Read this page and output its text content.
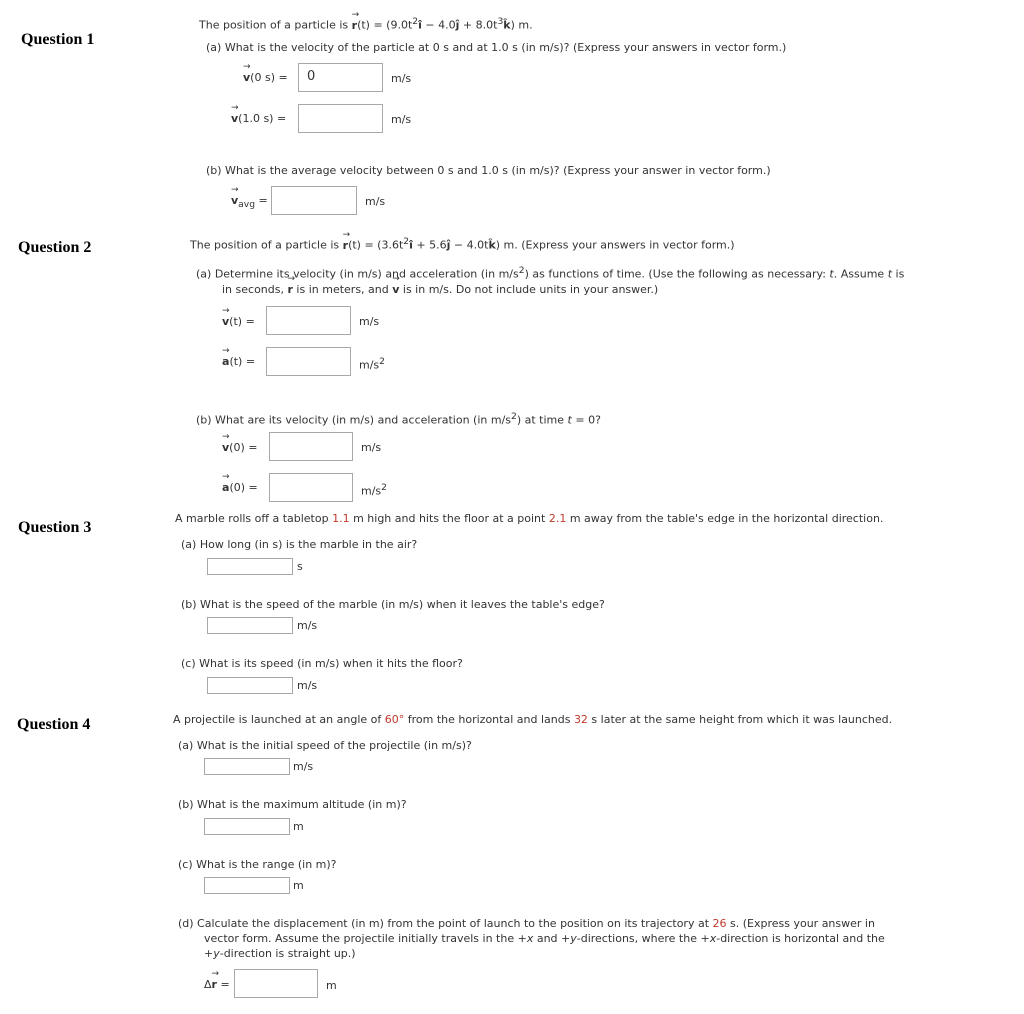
Question 1
The position of a particle is → $r(t) = (9.0t^2î$ − 4.0ĵ + $8.0t^3k̂$) m.
(a) What is the velocity of the particle at 0 s and at 1.0 s (in m/s)? (Express your answers in vector form.)
→ v(0 s) = 0	m/s
→ v(1.0 s) =	m/s
(b) What is the average velocity between 0 s and 1.0 s (in m/s)? (Express your answer in vector form.)
→ $v_{avg}$ =	m/s
Question 2	The position of a particle is → $r(t) = (3.6t^2î$ + 5.6ĵ − 4.0tk̂) m. (Express your answers in vector form.)
(a) Determine its velocity (in m/s) and acceleration (in $m/s^2$) as functions of time. (Use the following as necessary: t. Assume t is
in seconds, → r is in meters, and → v is in m/s. Do not include units in your answer.)
→ v(t) =	m/s
→ a(t) =	$m/s^2$
(b) What are its velocity (in m/s) and acceleration (in $m/s^2$) at time t = 0?
→ v(0) =	m/s
→ a(0) =	$m/s^2$
Question 3
A marble rolls off a tabletop 1.1 m high and hits the floor at a point 2.1 m away from the table's edge in the horizontal direction.
(a) How long (in s) is the marble in the air?
s
(b) What is the speed of the marble (in m/s) when it leaves the table's edge?
m/s
(c) What is its speed (in m/s) when it hits the floor?
m/s
Question 4	A projectile is launched at an angle of 60° from the horizontal and lands 32 s later at the same height from which it was launched.
(a) What is the initial speed of the projectile (in m/s)?
m/s
(b) What is the maximum altitude (in m)?
m
(c) What is the range (in m)?
m
(d) Calculate the displacement (in m) from the point of launch to the position on its trajectory at 26 s. (Express your answer in
vector form. Assume the projectile initially travels in the +x and +y-directions, where the +x-direction is horizontal and the
+y-direction is straight up.)
Δ→ r =	m
